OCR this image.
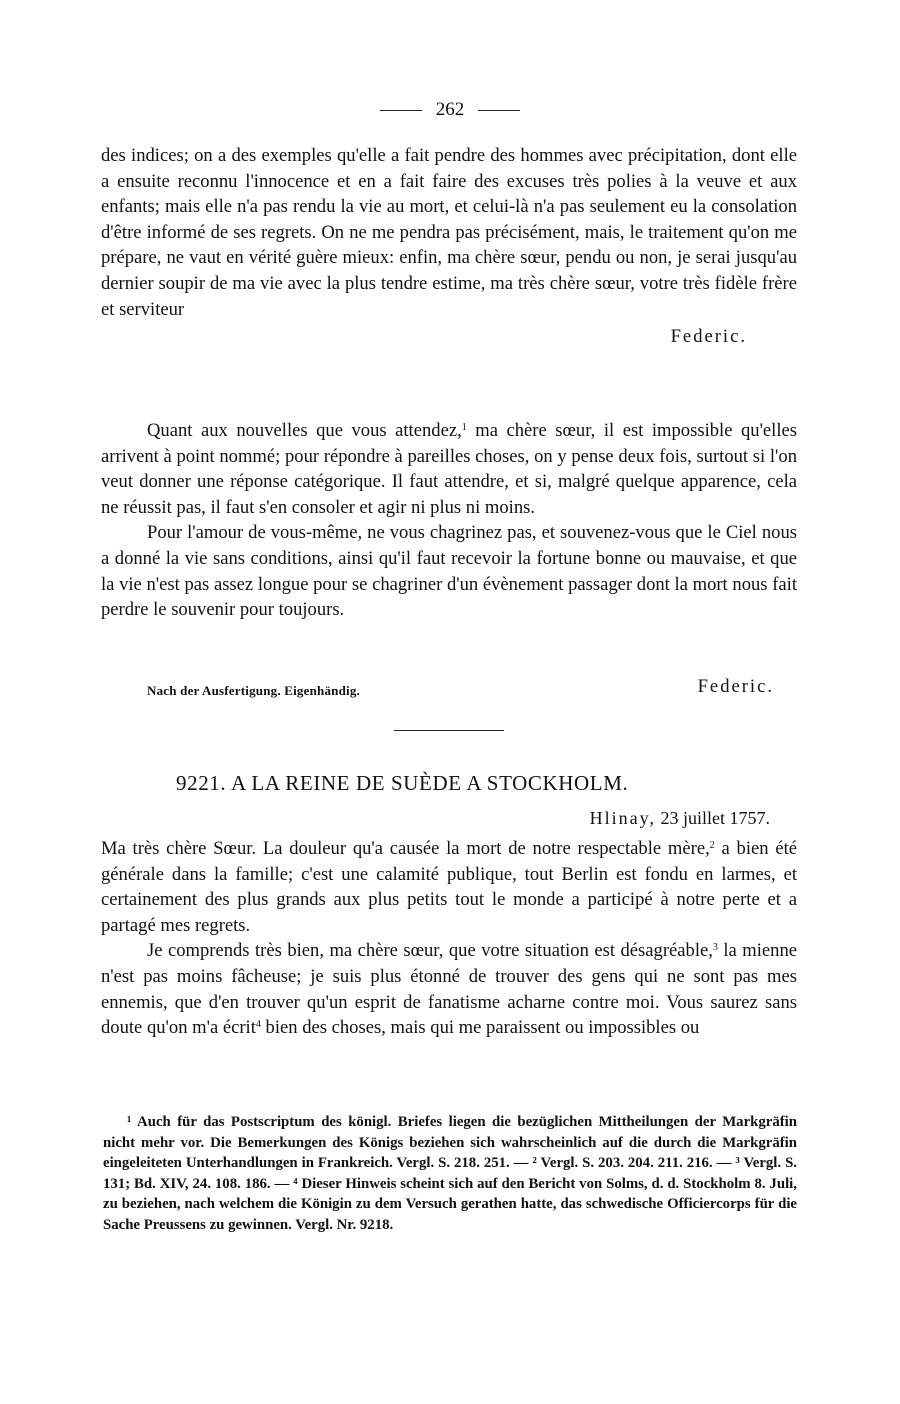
262

des indices; on a des exemples qu'elle a fait pendre des hommes avec précipitation, dont elle a ensuite reconnu l'innocence et en a fait faire des excuses très polies à la veuve et aux enfants; mais elle n'a pas rendu la vie au mort, et celui-là n'a pas seulement eu la consolation d'être informé de ses regrets. On ne me pendra pas précisément, mais, le traitement qu'on me prépare, ne vaut en vérité guère mieux: enfin, ma chère sœur, pendu ou non, je serai jusqu'au dernier soupir de ma vie avec la plus tendre estime, ma très chère sœur, votre très fidèle frère et serviteur

Federic.

Quant aux nouvelles que vous attendez,$^1$ ma chère sœur, il est impossible qu'elles arrivent à point nommé; pour répondre à pareilles choses, on y pense deux fois, surtout si l'on veut donner une réponse catégorique. Il faut attendre, et si, malgré quelque apparence, cela ne réussit pas, il faut s'en consoler et agir ni plus ni moins.

Pour l'amour de vous-même, ne vous chagrinez pas, et souvenez-vous que le Ciel nous a donné la vie sans conditions, ainsi qu'il faut recevoir la fortune bonne ou mauvaise, et que la vie n'est pas assez longue pour se chagriner d'un évènement passager dont la mort nous fait perdre le souvenir pour toujours.

Nach der Ausfertigung. Eigenhändig.	Federic.
9221. A LA REINE DE SUÈDE A STOCKHOLM.
Hlinay, 23 juillet 1757.

Ma très chère Sœur. La douleur qu'a causée la mort de notre respectable mère,$^2$ a bien été générale dans la famille; c'est une calamité publique, tout Berlin est fondu en larmes, et certainement des plus grands aux plus petits tout le monde a participé à notre perte et a partagé mes regrets.

Je comprends très bien, ma chère sœur, que votre situation est désagréable,$^3$ la mienne n'est pas moins fâcheuse; je suis plus étonné de trouver des gens qui ne sont pas mes ennemis, que d'en trouver qu'un esprit de fanatisme acharne contre moi. Vous saurez sans doute qu'on m'a écrit$^4$ bien des choses, mais qui me paraissent ou impossibles ou

¹ Auch für das Postscriptum des königl. Briefes liegen die bezüglichen Mittheilungen der Markgräfin nicht mehr vor. Die Bemerkungen des Königs beziehen sich wahrscheinlich auf die durch die Markgräfin eingeleiteten Unterhandlungen in Frankreich. Vergl. S. 218. 251. — ² Vergl. S. 203. 204. 211. 216. — ³ Vergl. S. 131; Bd. XIV, 24. 108. 186. — ⁴ Dieser Hinweis scheint sich auf den Bericht von Solms, d. d. Stockholm 8. Juli, zu beziehen, nach welchem die Königin zu dem Versuch gerathen hatte, das schwedische Officiercorps für die Sache Preussens zu gewinnen. Vergl. Nr. 9218.
